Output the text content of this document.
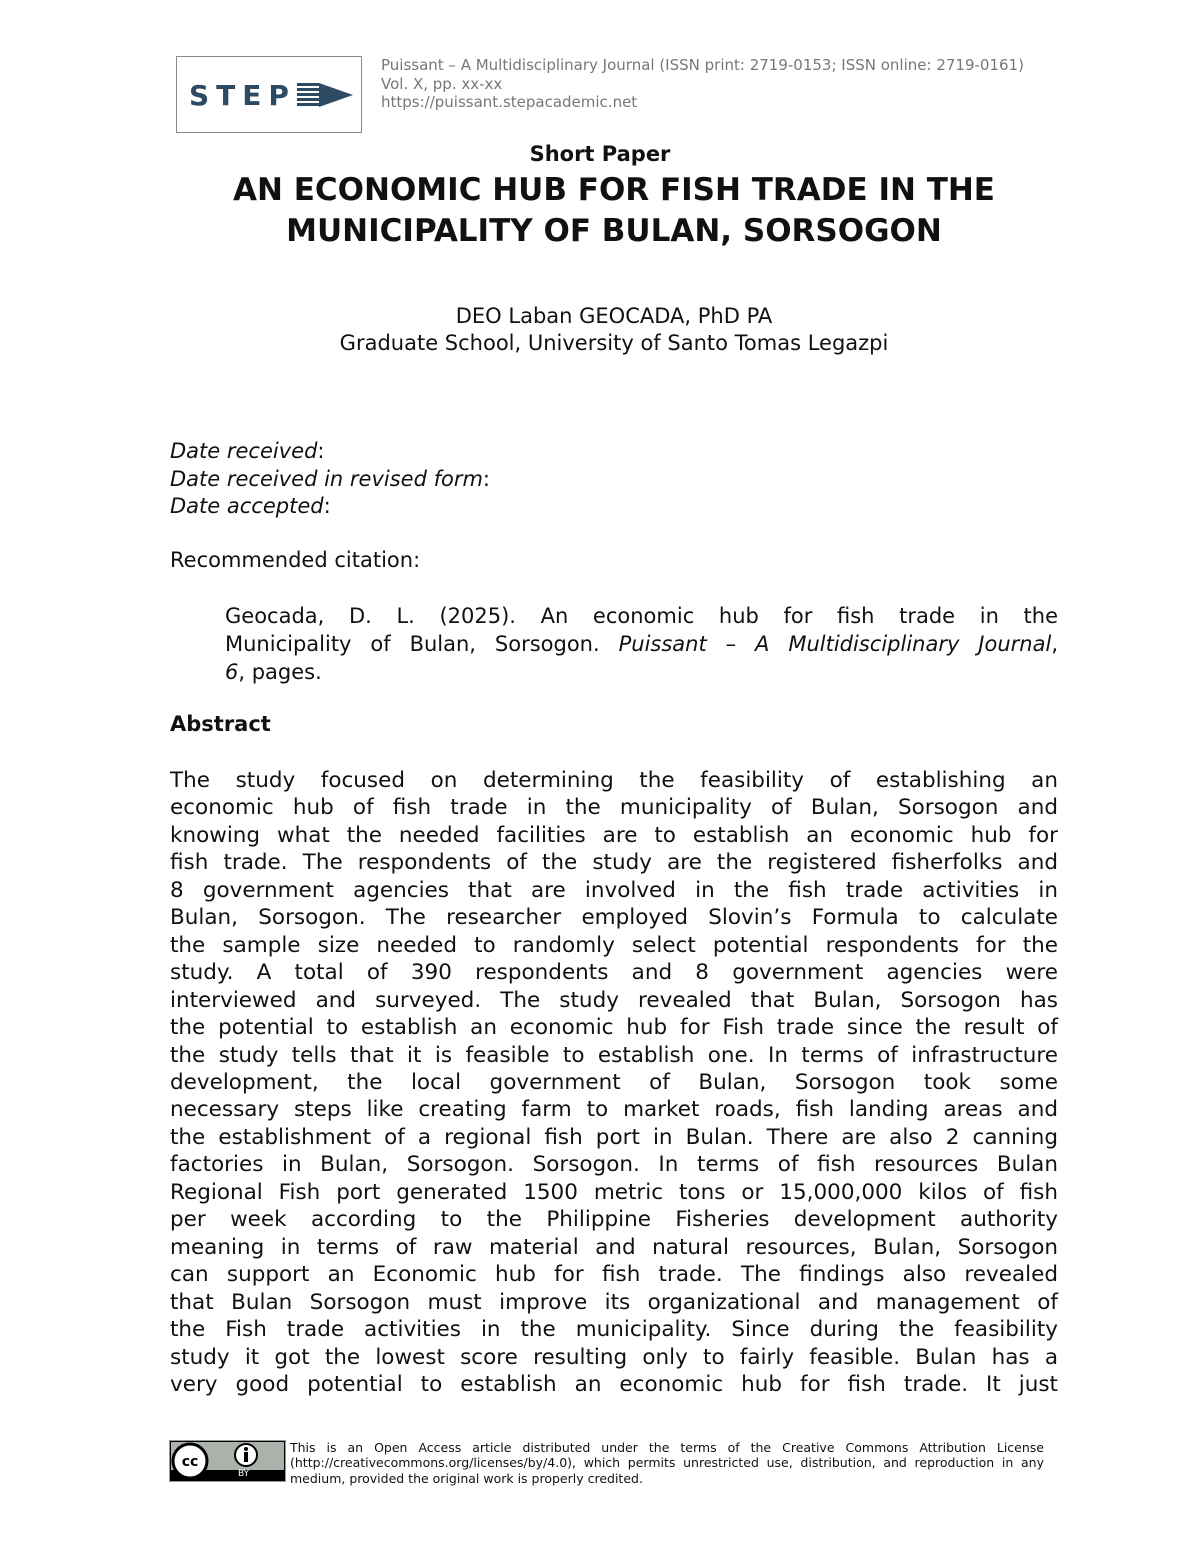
STEP
Puissant – A Multidisciplinary Journal (ISSN print: 2719-0153; ISSN online: 2719-0161)
Vol. X, pp. xx-xx
https://puissant.stepacademic.net
Short Paper
AN ECONOMIC HUB FOR FISH TRADE IN THE
MUNICIPALITY OF BULAN, SORSOGON
DEO Laban GEOCADA, PhD PA
Graduate School, University of Santo Tomas Legazpi
Date received:
Date received in revised form:
Date accepted:
Recommended citation:
Geocada, D. L. (2025). An economic hub for fish trade in the
Municipality of Bulan, Sorsogon. Puissant – A Multidisciplinary Journal,
6, pages.
Abstract
The study focused on determining the feasibility of establishing an
economic hub of fish trade in the municipality of Bulan, Sorsogon and
knowing what the needed facilities are to establish an economic hub for
fish trade. The respondents of the study are the registered fisherfolks and
8 government agencies that are involved in the fish trade activities in
Bulan, Sorsogon. The researcher employed Slovin’s Formula to calculate
the sample size needed to randomly select potential respondents for the
study. A total of 390 respondents and 8 government agencies were
interviewed and surveyed. The study revealed that Bulan, Sorsogon has
the potential to establish an economic hub for Fish trade since the result of
the study tells that it is feasible to establish one. In terms of infrastructure
development, the local government of Bulan, Sorsogon took some
necessary steps like creating farm to market roads, fish landing areas and
the establishment of a regional fish port in Bulan. There are also 2 canning
factories in Bulan, Sorsogon. Sorsogon. In terms of fish resources Bulan
Regional Fish port generated 1500 metric tons or 15,000,000 kilos of fish
per week according to the Philippine Fisheries development authority
meaning in terms of raw material and natural resources, Bulan, Sorsogon
can support an Economic hub for fish trade. The findings also revealed
that Bulan Sorsogon must improve its organizational and management of
the Fish trade activities in the municipality. Since during the feasibility
study it got the lowest score resulting only to fairly feasible. Bulan has a
very good potential to establish an economic hub for fish trade. It just
cc
BY
This is an Open Access article distributed under the terms of the Creative Commons Attribution License
(http://creativecommons.org/licenses/by/4.0), which permits unrestricted use, distribution, and reproduction in any
medium, provided the original work is properly credited.
